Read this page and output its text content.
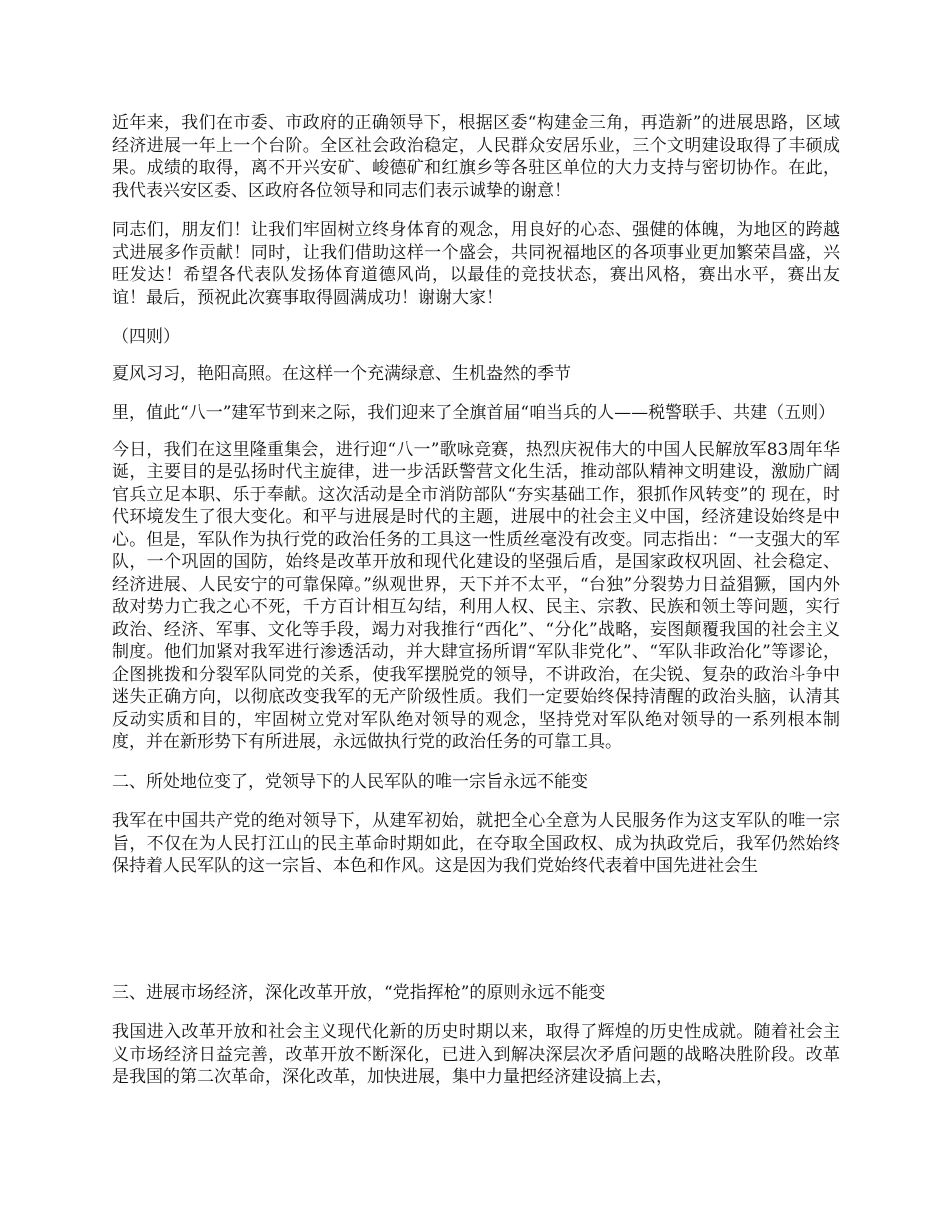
近年来，我们在市委、市政府的正确领导下，根据区委“构建金三角，再造新”的进展思路，区域经济进展一年上一个台阶。全区社会政治稳定，人民群众安居乐业，三个文明建设取得了丰硕成果。成绩的取得，离不开兴安矿、峻德矿和红旗乡等各驻区单位的大力支持与密切协作。在此，我代表兴安区委、区政府各位领导和同志们表示诚挚的谢意！

同志们，朋友们！让我们牢固树立终身体育的观念，用良好的心态、强健的体魄，为地区的跨越式进展多作贡献！同时，让我们借助这样一个盛会，共同祝福地区的各项事业更加繁荣昌盛，兴旺发达！希望各代表队发扬体育道德风尚，以最佳的竞技状态，赛出风格，赛出水平，赛出友谊！最后，预祝此次赛事取得圆满成功！谢谢大家！

（四则）

夏风习习，艳阳高照。在这样一个充满绿意、生机盎然的季节

里，值此“八一”建军节到来之际，我们迎来了全旗首届“咱当兵的人——税警联手、共建（五则）

今日，我们在这里隆重集会，进行迎“八一”歌咏竞赛，热烈庆祝伟大的中国人民解放军83周年华诞，主要目的是弘扬时代主旋律，进一步活跃警营文化生活，推动部队精神文明建设，激励广阔官兵立足本职、乐于奉献。这次活动是全市消防部队“夯实基础工作，狠抓作风转变”的 现在，时代环境发生了很大变化。和平与进展是时代的主题，进展中的社会主义中国，经济建设始终是中心。但是，军队作为执行党的政治任务的工具这一性质丝毫没有改变。同志指出：“一支强大的军队，一个巩固的国防，始终是改革开放和现代化建设的坚强后盾，是国家政权巩固、社会稳定、经济进展、人民安宁的可靠保障。”纵观世界，天下并不太平，“台独”分裂势力日益猖獗，国内外敌对势力亡我之心不死，千方百计相互勾结，利用人权、民主、宗教、民族和领土等问题，实行政治、经济、军事、文化等手段，竭力对我推行“西化”、“分化”战略，妄图颠覆我国的社会主义制度。他们加紧对我军进行渗透活动，并大肆宣扬所谓“军队非党化”、“军队非政治化”等谬论，企图挑拨和分裂军队同党的关系，使我军摆脱党的领导，不讲政治，在尖锐、复杂的政治斗争中迷失正确方向，以彻底改变我军的无产阶级性质。我们一定要始终保持清醒的政治头脑，认清其反动实质和目的，牢固树立党对军队绝对领导的观念，坚持党对军队绝对领导的一系列根本制度，并在新形势下有所进展，永远做执行党的政治任务的可靠工具。

二、所处地位变了，党领导下的人民军队的唯一宗旨永远不能变

我军在中国共产党的绝对领导下，从建军初始，就把全心全意为人民服务作为这支军队的唯一宗旨，不仅在为人民打江山的民主革命时期如此，在夺取全国政权、成为执政党后，我军仍然始终保持着人民军队的这一宗旨、本色和作风。这是因为我们党始终代表着中国先进社会生

三、进展市场经济，深化改革开放，“党指挥枪”的原则永远不能变

我国进入改革开放和社会主义现代化新的历史时期以来，取得了辉煌的历史性成就。随着社会主义市场经济日益完善，改革开放不断深化，已进入到解决深层次矛盾问题的战略决胜阶段。改革是我国的第二次革命，深化改革，加快进展，集中力量把经济建设搞上去，
